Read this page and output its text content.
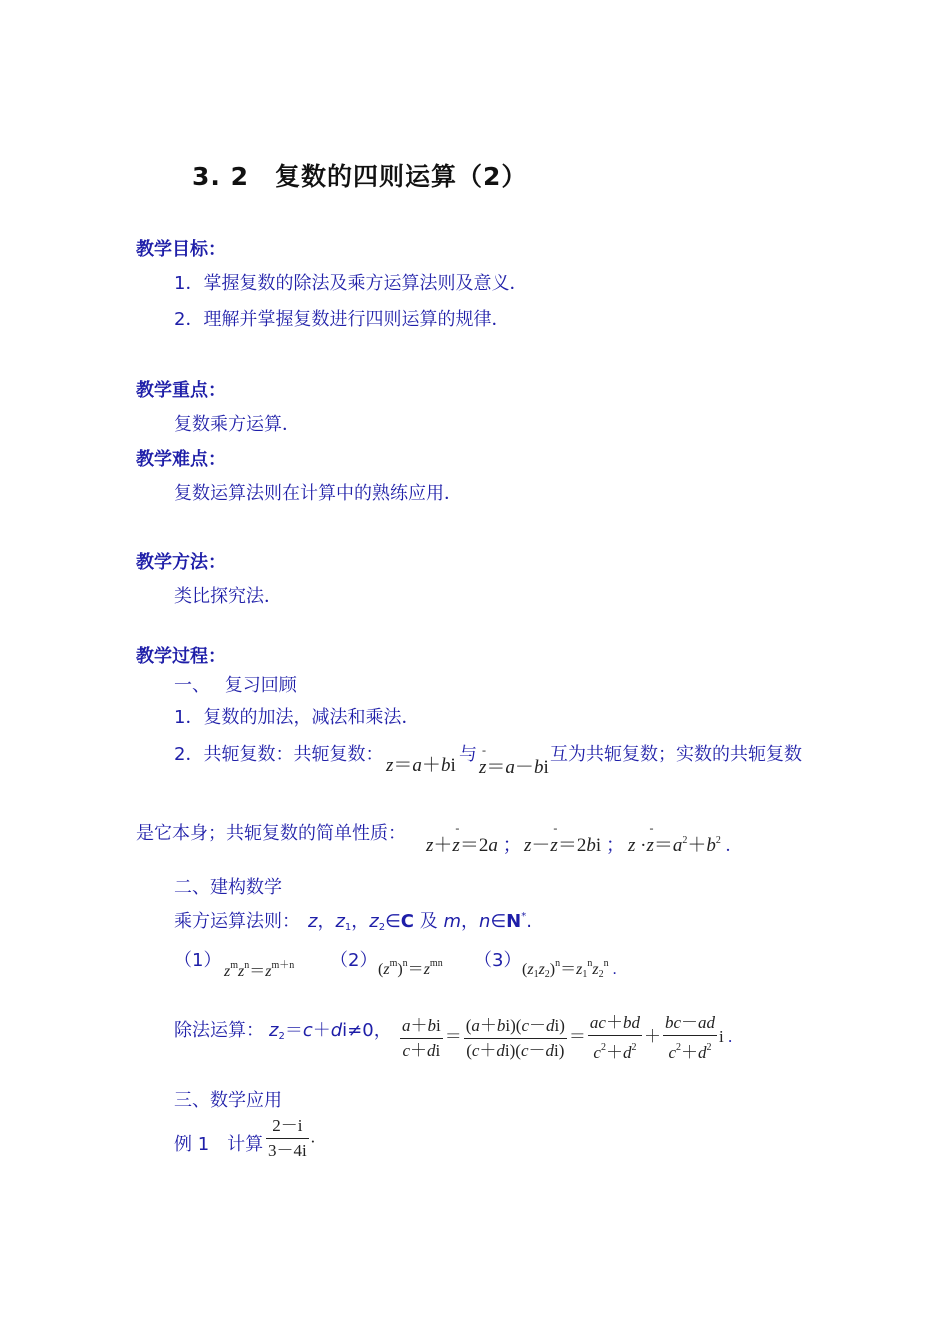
3. 2　复数的四则运算（2）
教学目标：
1．掌握复数的除法及乘方运算法则及意义．
2．理解并掌握复数进行四则运算的规律．
教学重点：
复数乘方运算．
教学难点：
复数运算法则在计算中的熟练应用．
教学方法：
类比探究法．
教学过程：
一、　 复习回顾
1．复数的加法，减法和乘法．
2．共轭复数：共轭复数：
z＝a＋bi
与
- z＝a－bi
互为共轭复数；实数的共轭复数
是它本身；共轭复数的简单性质：
z＋- z＝2a ； z－- z＝2bi ； $z \cdot- z=a^2+b^2$ .
二、建构数学
乘方运算法则： z，$z_1$，$z_2\in C$ 及 m，n∈N*.
（1）
$z^mz^n=z^{m+n}$ （2） $(z^m)^n=z^{mn}$ （3） $(z_1z_2)^n=z_1^nz_2^n$ .
除法运算： $z_2=c+di\ne 0$， $\frac{a+bi}{c+di} = \frac{(a+bi)(c-di)}{(c+di)(c-di)} = \frac{ac+bd}{c^2+d^2} + \frac{bc-ad}{c^2+d^2}$ i .
三、数学应用
例 1　计算 $\frac{2-i}{3-4i}$ .
